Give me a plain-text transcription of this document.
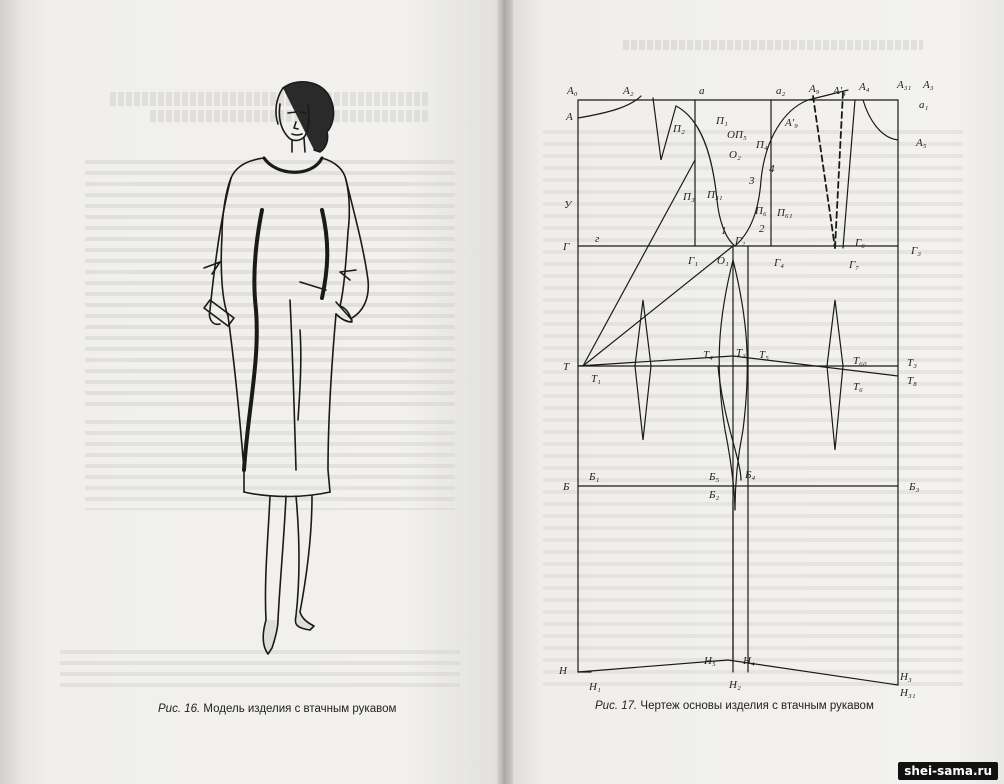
Рис. 16. Модель изделия с втачным рукавом
A₀	A₂	a	a₂ A₉ A′₄ A₄ A₃₁ A₃
a₁
A
A₅
П₂
П₁
O П₅
O₂
A′₉
П₄
3
4
П₃ П₃₁
П₆ П₆₁
У
1	2
Г₂
Г
г
Г₁ O₁	Г₄
Г₆
Г₇
Г₃
Т
Т₁
Т₄ Т₃ Т₅	Т₆₀	Т₃
Т₆	Т₈
Б
Б₁	Б₅ Б₄
Б₂
Б₃
Н
Н₁
Н₅ Н₄
Н₂
Н₃
Н₃₁
Рис. 17. Чертеж основы изделия с втачным рукавом
shei-sama.ru
